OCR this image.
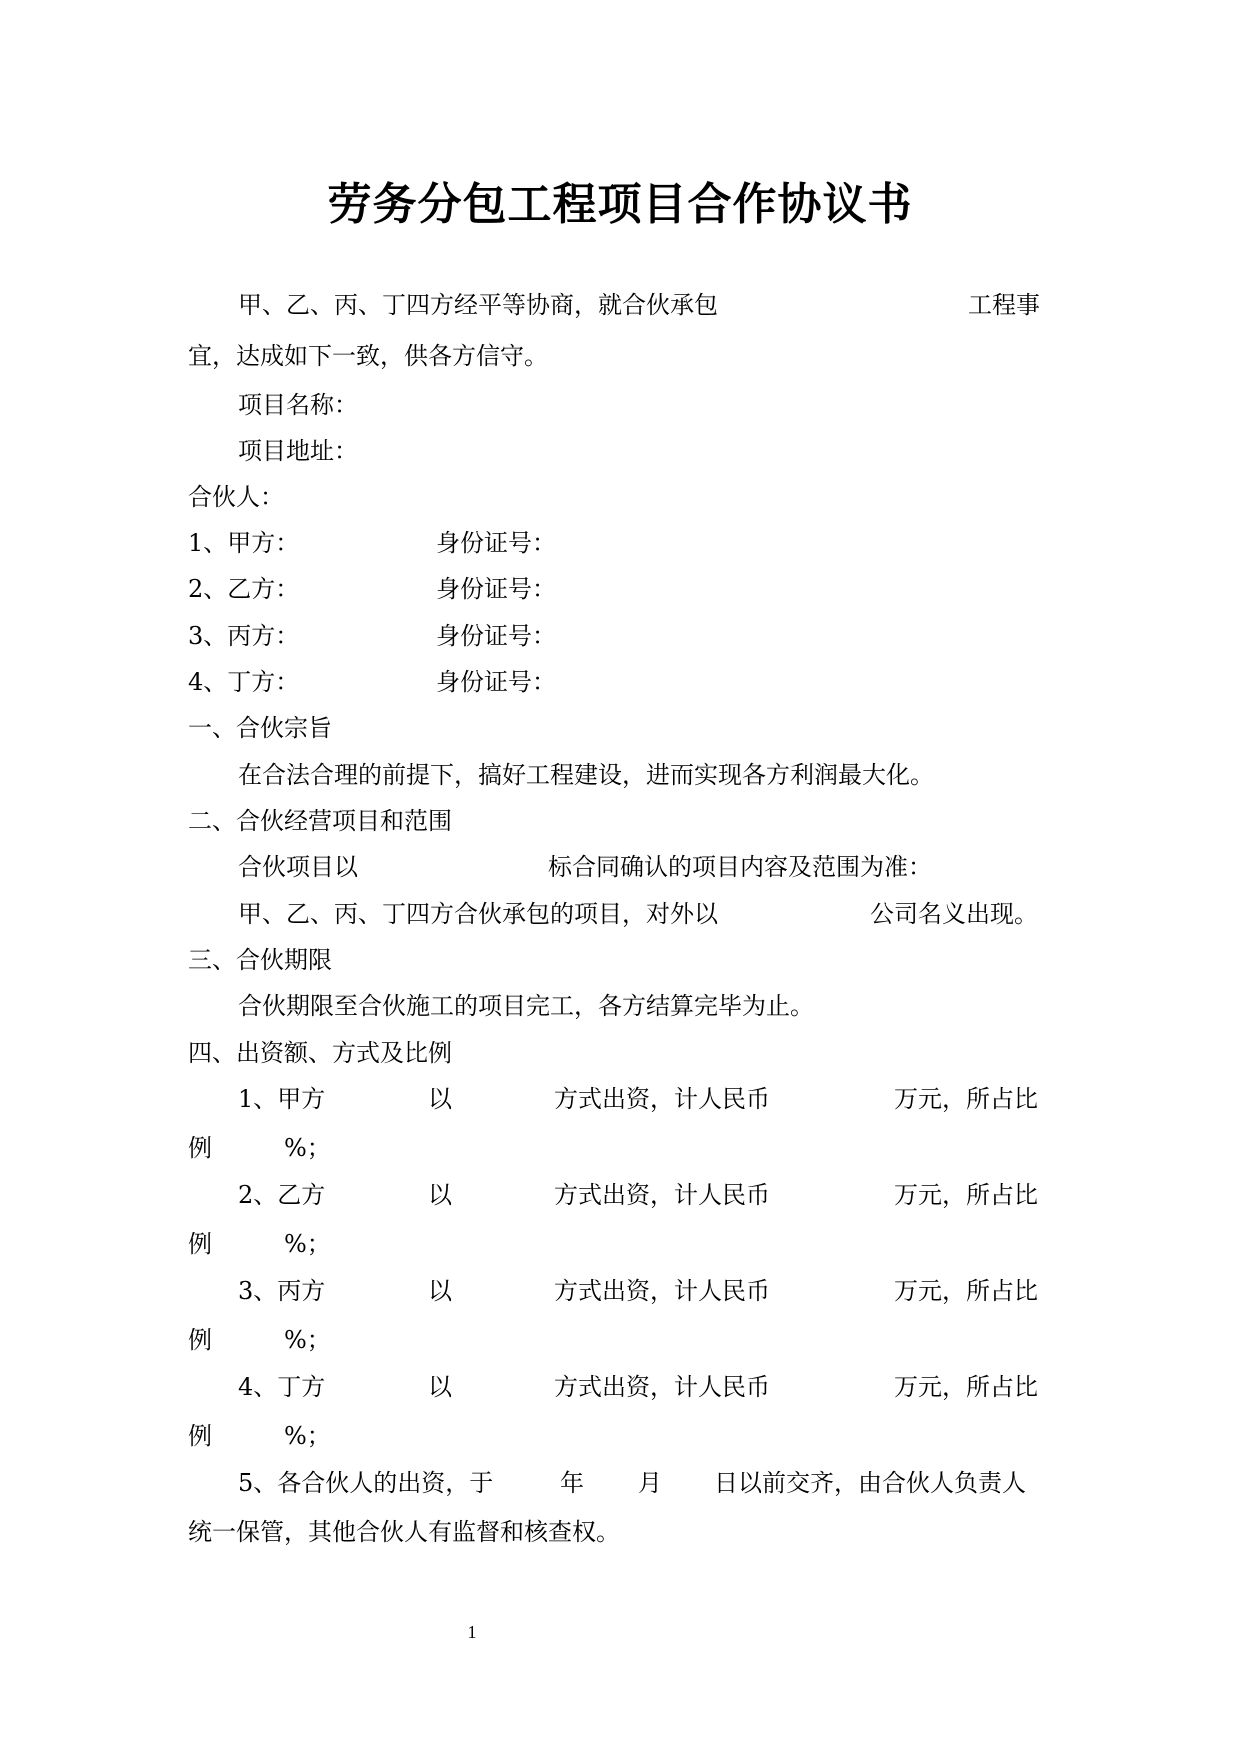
劳务分包工程项目合作协议书
甲、乙、丙、丁四方经平等协商，就合伙承包	工程事
宜，达成如下一致，供各方信守。
项目名称：
项目地址：
合伙人：
1、甲方：	身份证号：
2、乙方：	身份证号：
3、丙方：	身份证号：
4、丁方：	身份证号：
一、合伙宗旨
在合法合理的前提下，搞好工程建设，进而实现各方利润最大化。
二、合伙经营项目和范围
合伙项目以	标合同确认的项目内容及范围为准：
甲、乙、丙、丁四方合伙承包的项目，对外以	公司名义出现。
三、合伙期限
合伙期限至合伙施工的项目完工，各方结算完毕为止。
四、出资额、方式及比例
1、甲方	以	方式出资，计人民币	万元，所占比
例	%；
2、乙方	以	方式出资，计人民币	万元，所占比
例	%；
3、丙方	以	方式出资，计人民币	万元，所占比
例	%；
4、丁方	以	方式出资，计人民币	万元，所占比
例	%；
5、各合伙人的出资，于	年 月 日以前交齐，由合伙人负责人
统一保管，其他合伙人有监督和核查权。
1
